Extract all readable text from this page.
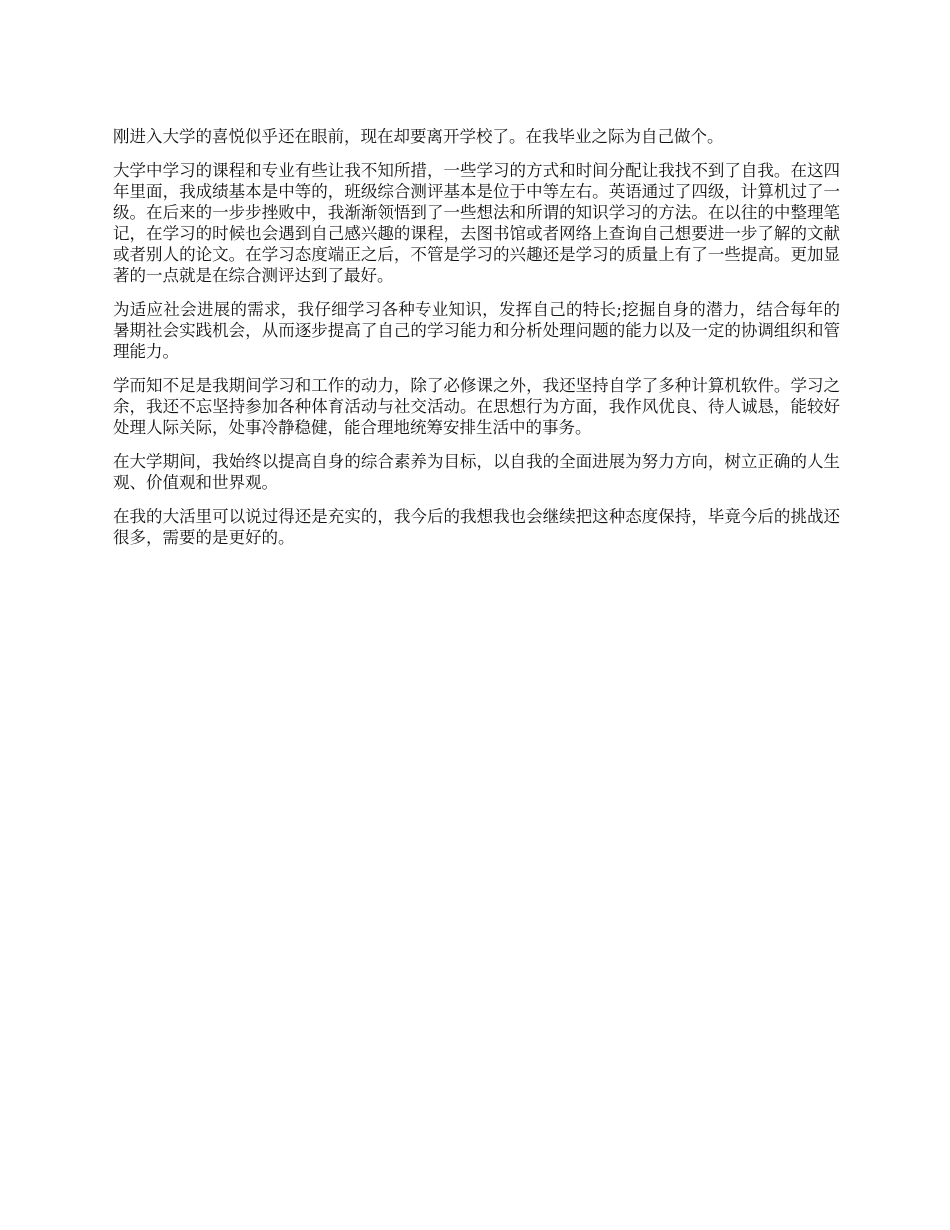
刚进入大学的喜悦似乎还在眼前，现在却要离开学校了。在我毕业之际为自己做个。

大学中学习的课程和专业有些让我不知所措，一些学习的方式和时间分配让我找不到了自我。在这四年里面，我成绩基本是中等的，班级综合测评基本是位于中等左右。英语通过了四级，计算机过了一级。在后来的一步步挫败中，我渐渐领悟到了一些想法和所谓的知识学习的方法。在以往的中整理笔记，在学习的时候也会遇到自己感兴趣的课程，去图书馆或者网络上查询自己想要进一步了解的文献或者别人的论文。在学习态度端正之后，不管是学习的兴趣还是学习的质量上有了一些提高。更加显著的一点就是在综合测评达到了最好。

为适应社会进展的需求，我仔细学习各种专业知识，发挥自己的特长;挖掘自身的潜力，结合每年的暑期社会实践机会，从而逐步提高了自己的学习能力和分析处理问题的能力以及一定的协调组织和管理能力。

学而知不足是我期间学习和工作的动力，除了必修课之外，我还坚持自学了多种计算机软件。学习之余，我还不忘坚持参加各种体育活动与社交活动。在思想行为方面，我作风优良、待人诚恳，能较好处理人际关际，处事冷静稳健，能合理地统筹安排生活中的事务。

在大学期间，我始终以提高自身的综合素养为目标，以自我的全面进展为努力方向，树立正确的人生观、价值观和世界观。

在我的大活里可以说过得还是充实的，我今后的我想我也会继续把这种态度保持，毕竟今后的挑战还很多，需要的是更好的。
